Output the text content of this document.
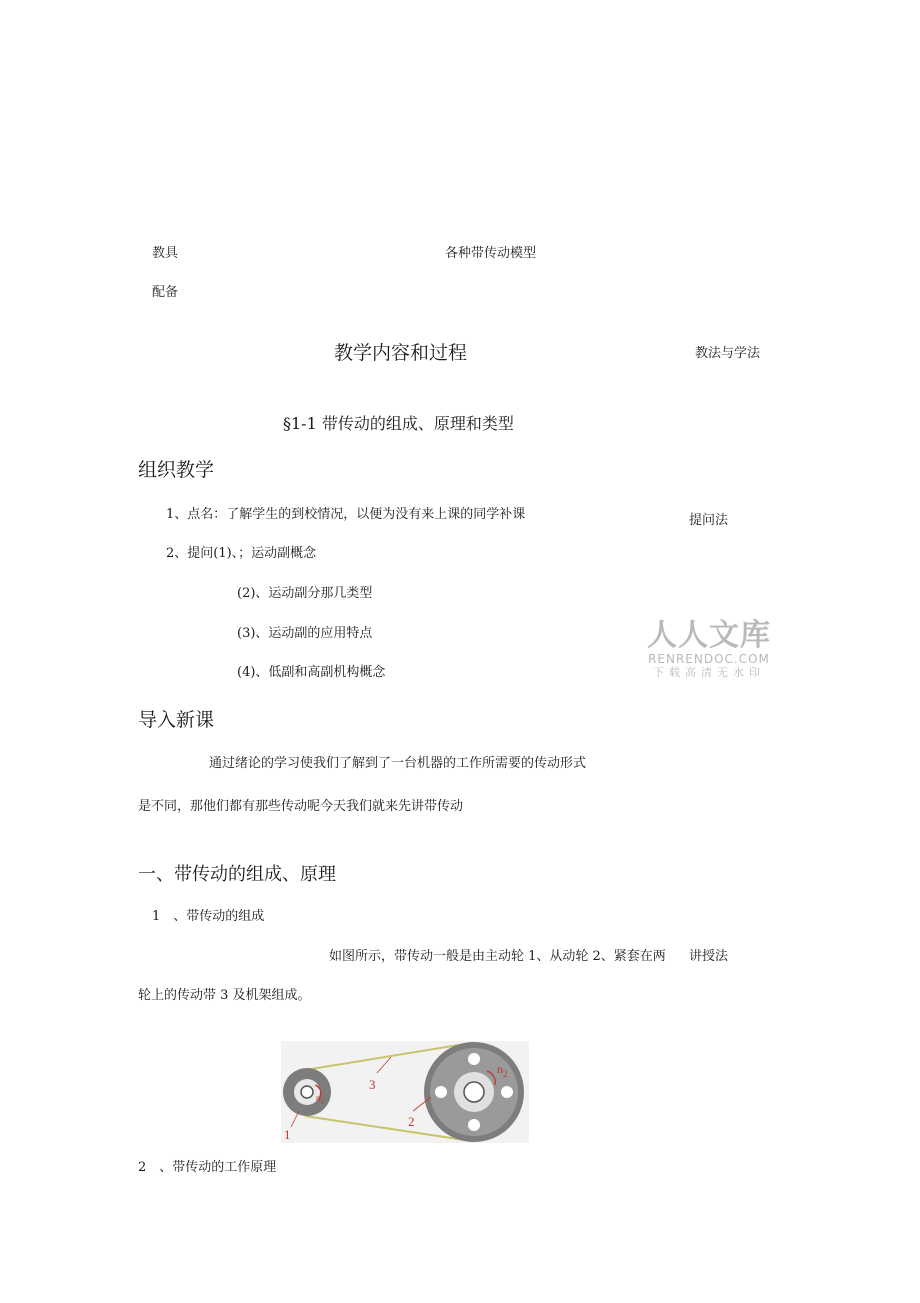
教具
配备
各种带传动模型
教学内容和过程	教法与学法
§1-1 带传动的组成、原理和类型
组织教学
1、点名：了解学生的到校情况，以便为没有来上课的同学补课	提问法
2、提问(1)、；运动副概念
(2)、运动副分那几类型
(3)、运动副的应用特点
(4)、低副和高副机构概念
人人文库
RENRENDOC.COM
下载高清无水印
导入新课
通过绪论的学习使我们了解到了一台机器的工作所需要的传动形式
是不同，那他们都有那些传动呢今天我们就来先讲带传动
一、带传动的组成、原理
1　、带传动的组成
如图所示，带传动一般是由主动轮 1、从动轮 2、紧套在两 讲授法
轮上的传动带 3 及机架组成。
1
2
3
$n_1$
$n_2$
2　、带传动的工作原理
